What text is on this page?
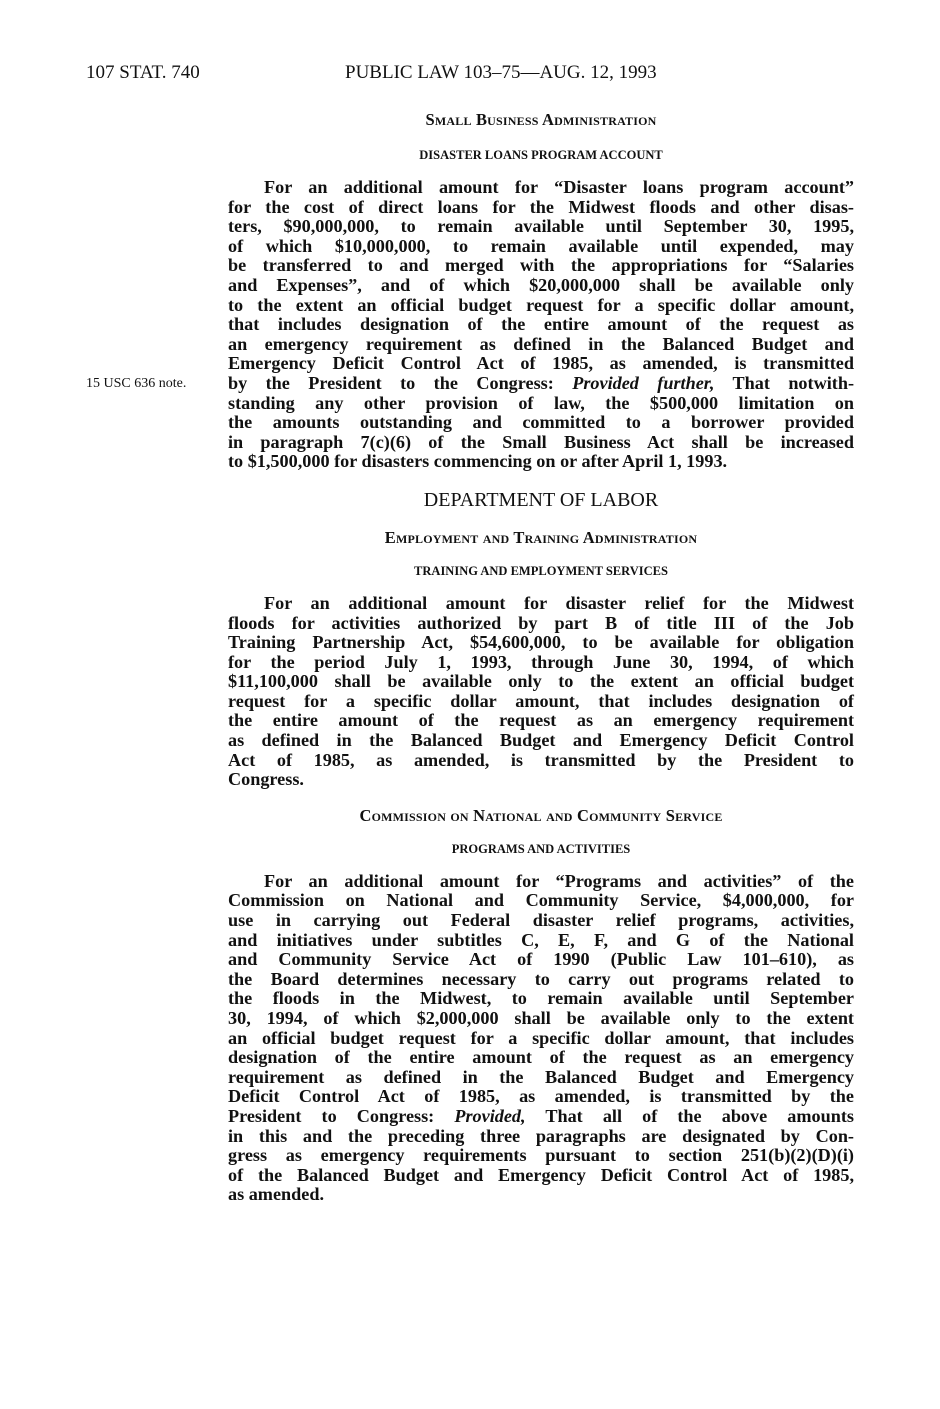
107 STAT. 740	PUBLIC LAW 103–75—AUG. 12, 1993
15 USC 636 note.

Small Business Administration

DISASTER LOANS PROGRAM ACCOUNT

For an additional amount for “Disaster loans program account”
for the cost of direct loans for the Midwest floods and other disas-
ters, $90,000,000, to remain available until September 30, 1995,
of which $10,000,000, to remain available until expended, may
be transferred to and merged with the appropriations for “Salaries
and Expenses”, and of which $20,000,000 shall be available only
to the extent an official budget request for a specific dollar amount,
that includes designation of the entire amount of the request as
an emergency requirement as defined in the Balanced Budget and
Emergency Deficit Control Act of 1985, as amended, is transmitted
by the President to the Congress: Provided further, That notwith-
standing any other provision of law, the $500,000 limitation on
the amounts outstanding and committed to a borrower provided
in paragraph 7(c)(6) of the Small Business Act shall be increased
to $1,500,000 for disasters commencing on or after April 1, 1993.

DEPARTMENT OF LABOR

Employment and Training Administration

TRAINING AND EMPLOYMENT SERVICES

For an additional amount for disaster relief for the Midwest
floods for activities authorized by part B of title III of the Job
Training Partnership Act, $54,600,000, to be available for obligation
for the period July 1, 1993, through June 30, 1994, of which
$11,100,000 shall be available only to the extent an official budget
request for a specific dollar amount, that includes designation of
the entire amount of the request as an emergency requirement
as defined in the Balanced Budget and Emergency Deficit Control
Act of 1985, as amended, is transmitted by the President to
Congress.

Commission on National and Community Service

PROGRAMS AND ACTIVITIES

For an additional amount for “Programs and activities” of the
Commission on National and Community Service, $4,000,000, for
use in carrying out Federal disaster relief programs, activities,
and initiatives under subtitles C, E, F, and G of the National
and Community Service Act of 1990 (Public Law 101–610), as
the Board determines necessary to carry out programs related to
the floods in the Midwest, to remain available until September
30, 1994, of which $2,000,000 shall be available only to the extent
an official budget request for a specific dollar amount, that includes
designation of the entire amount of the request as an emergency
requirement as defined in the Balanced Budget and Emergency
Deficit Control Act of 1985, as amended, is transmitted by the
President to Congress: Provided, That all of the above amounts
in this and the preceding three paragraphs are designated by Con-
gress as emergency requirements pursuant to section 251(b)(2)(D)(i)
of the Balanced Budget and Emergency Deficit Control Act of 1985,
as amended.
